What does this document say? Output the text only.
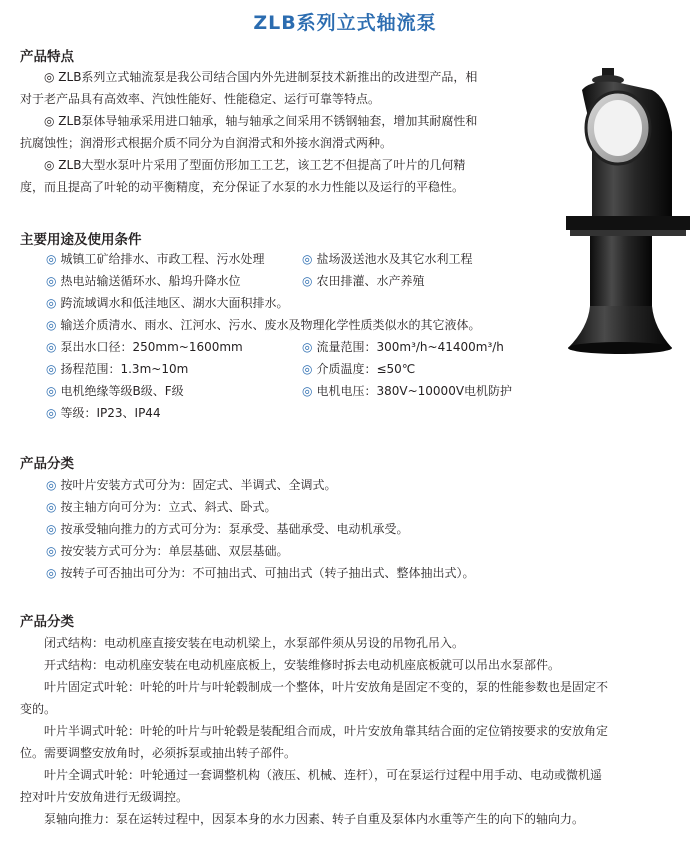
ZLB系列立式轴流泵
产品特点
◎ ZLB系列立式轴流泵是我公司结合国内外先进制泵技术新推出的改进型产品，相
对于老产品具有高效率、汽蚀性能好、性能稳定、运行可靠等特点。
◎ ZLB泵体导轴承采用进口轴承，轴与轴承之间采用不锈钢轴套，增加其耐腐性和
抗腐蚀性；润滑形式根据介质不同分为自润滑式和外接水润滑式两种。
◎ ZLB大型水泵叶片采用了型面仿形加工工艺，该工艺不但提高了叶片的几何精
度，而且提高了叶轮的动平衡精度，充分保证了水泵的水力性能以及运行的平稳性。
主要用途及使用条件
◎ 城镇工矿给排水、市政工程、污水处理	◎ 盐场汲送池水及其它水利工程
◎ 热电站输送循环水、船坞升降水位	◎ 农田排灌、水产养殖
◎ 跨流域调水和低洼地区、湖水大面积排水。
◎ 输送介质清水、雨水、江河水、污水、废水及物理化学性质类似水的其它液体。
◎ 泵出水口径：250mm~1600mm	◎ 流量范围：300m³/h~41400m³/h
◎ 扬程范围：1.3m~10m	◎ 介质温度：≤50℃
◎ 电机绝缘等级B级、F级	◎ 电机电压：380V~10000V电机防护
◎ 等级：IP23、IP44
产品分类
◎ 按叶片安装方式可分为：固定式、半调式、全调式。
◎ 按主轴方向可分为：立式、斜式、卧式。
◎ 按承受轴向推力的方式可分为：泵承受、基础承受、电动机承受。
◎ 按安装方式可分为：单层基础、双层基础。
◎ 按转子可否抽出可分为：不可抽出式、可抽出式（转子抽出式、整体抽出式）。
产品分类
闭式结构：电动机座直接安装在电动机梁上，水泵部件须从另设的吊物孔吊入。
开式结构：电动机座安装在电动机座底板上，安装维修时拆去电动机座底板就可以吊出水泵部件。
叶片固定式叶轮：叶轮的叶片与叶轮毂制成一个整体，叶片安放角是固定不变的，泵的性能参数也是固定不
变的。
叶片半调式叶轮：叶轮的叶片与叶轮毂是装配组合而成，叶片安放角靠其结合面的定位销按要求的安放角定
位。需要调整安放角时，必须拆泵或抽出转子部件。
叶片全调式叶轮：叶轮通过一套调整机构（液压、机械、连杆），可在泵运行过程中用手动、电动或微机遥
控对叶片安放角进行无级调控。
泵轴向推力：泵在运转过程中，因泵本身的水力因素、转子自重及泵体内水重等产生的向下的轴向力。
